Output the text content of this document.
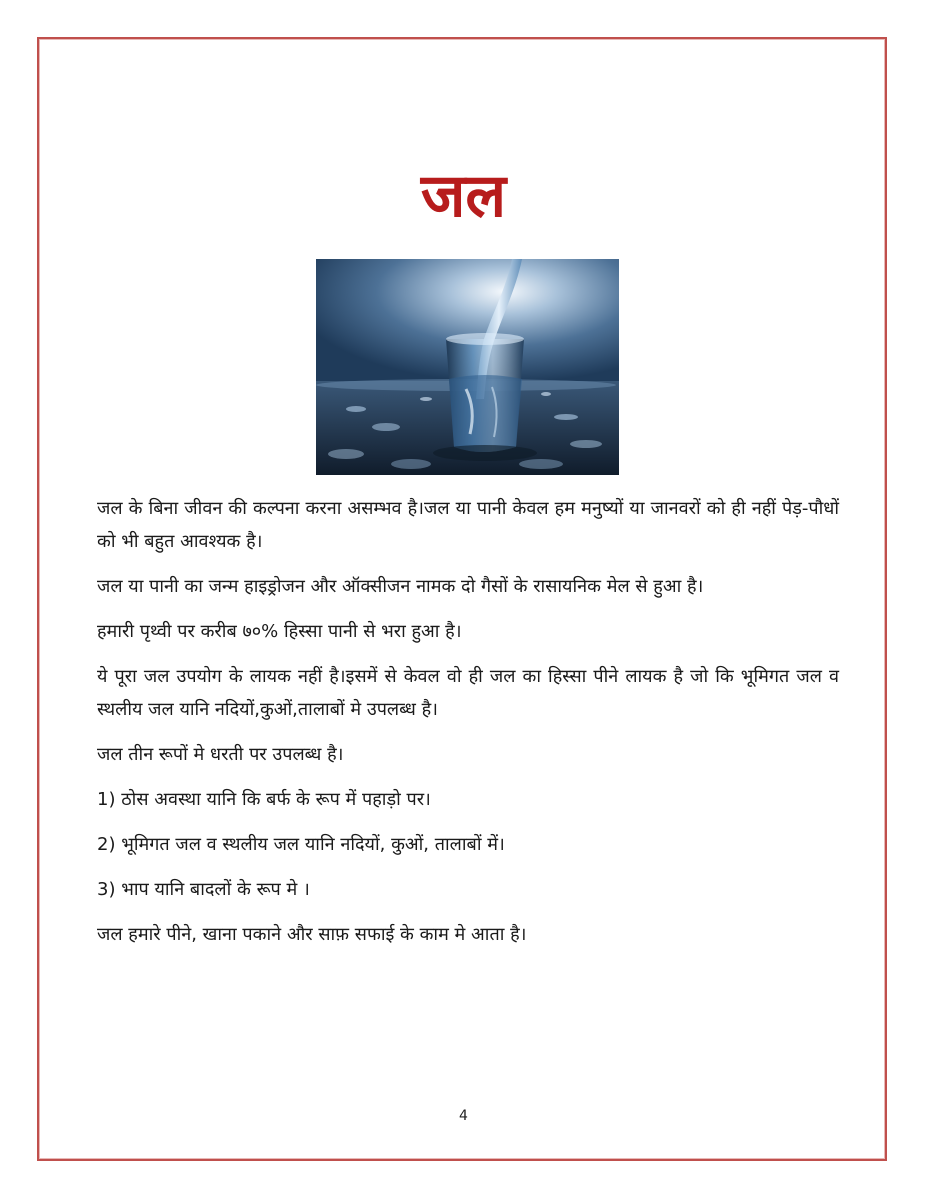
जल

जल के बिना जीवन की कल्पना करना असम्भव है।जल या पानी केवल हम मनुष्यों या जानवरों को ही नहीं पेड़-पौधों को भी बहुत आवश्यक है।

जल या पानी का जन्म हाइड्रोजन और ऑक्सीजन नामक दो गैसों के रासायनिक मेल से हुआ है।

हमारी पृथ्वी पर करीब ७०% हिस्सा पानी से भरा हुआ है।

ये पूरा जल उपयोग के लायक नहीं है।इसमें से केवल वो ही जल का हिस्सा पीने लायक है जो कि भूमिगत जल व स्थलीय जल यानि नदियों,कुओं,तालाबों मे उपलब्ध है।

जल तीन रूपों मे धरती पर उपलब्ध है।

1) ठोस अवस्था यानि कि बर्फ के रूप में पहाड़ो पर।

2) भूमिगत जल व स्थलीय जल यानि नदियों, कुओं, तालाबों में।

3) भाप यानि बादलों के रूप मे ।

जल हमारे पीने, खाना पकाने और साफ़ सफाई के काम मे आता है।

4
